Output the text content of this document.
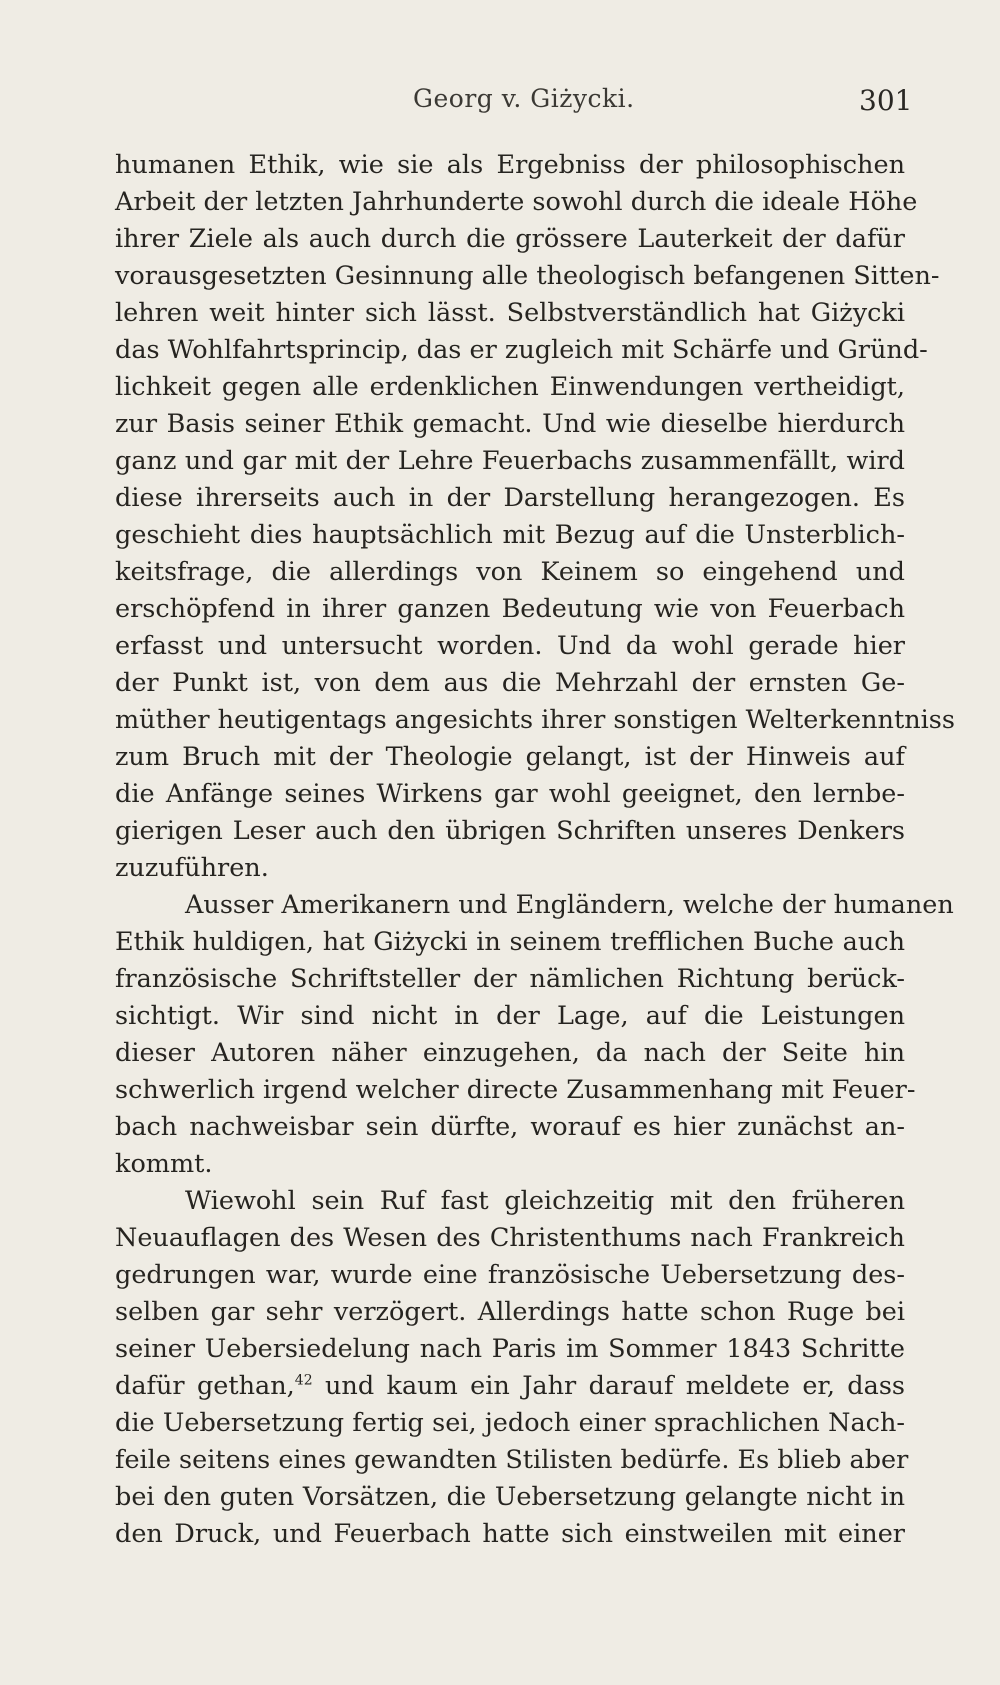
Georg v. Giżycki.	301
humanen Ethik, wie sie als Ergebniss der philosophischen
Arbeit der letzten Jahrhunderte sowohl durch die ideale Höhe
ihrer Ziele als auch durch die grössere Lauterkeit der dafür
vorausgesetzten Gesinnung alle theologisch befangenen Sitten-
lehren weit hinter sich lässt. Selbstverständlich hat Giżycki
das Wohlfahrtsprincip, das er zugleich mit Schärfe und Gründ-
lichkeit gegen alle erdenklichen Einwendungen vertheidigt,
zur Basis seiner Ethik gemacht. Und wie dieselbe hierdurch
ganz und gar mit der Lehre Feuerbachs zusammenfällt, wird
diese ihrerseits auch in der Darstellung herangezogen. Es
geschieht dies hauptsächlich mit Bezug auf die Unsterblich-
keitsfrage, die allerdings von Keinem so eingehend und
erschöpfend in ihrer ganzen Bedeutung wie von Feuerbach
erfasst und untersucht worden. Und da wohl gerade hier
der Punkt ist, von dem aus die Mehrzahl der ernsten Ge-
müther heutigentags angesichts ihrer sonstigen Welterkenntniss
zum Bruch mit der Theologie gelangt, ist der Hinweis auf
die Anfänge seines Wirkens gar wohl geeignet, den lernbe-
gierigen Leser auch den übrigen Schriften unseres Denkers
zuzuführen.
Ausser Amerikanern und Engländern, welche der humanen
Ethik huldigen, hat Giżycki in seinem trefflichen Buche auch
französische Schriftsteller der nämlichen Richtung berück-
sichtigt. Wir sind nicht in der Lage, auf die Leistungen
dieser Autoren näher einzugehen, da nach der Seite hin
schwerlich irgend welcher directe Zusammenhang mit Feuer-
bach nachweisbar sein dürfte, worauf es hier zunächst an-
kommt.
Wiewohl sein Ruf fast gleichzeitig mit den früheren
Neuauflagen des Wesen des Christenthums nach Frankreich
gedrungen war, wurde eine französische Uebersetzung des-
selben gar sehr verzögert. Allerdings hatte schon Ruge bei
seiner Uebersiedelung nach Paris im Sommer 1843 Schritte
dafür gethan,$^{42}$ und kaum ein Jahr darauf meldete er, dass
die Uebersetzung fertig sei, jedoch einer sprachlichen Nach-
feile seitens eines gewandten Stilisten bedürfe. Es blieb aber
bei den guten Vorsätzen, die Uebersetzung gelangte nicht in
den Druck, und Feuerbach hatte sich einstweilen mit einer
